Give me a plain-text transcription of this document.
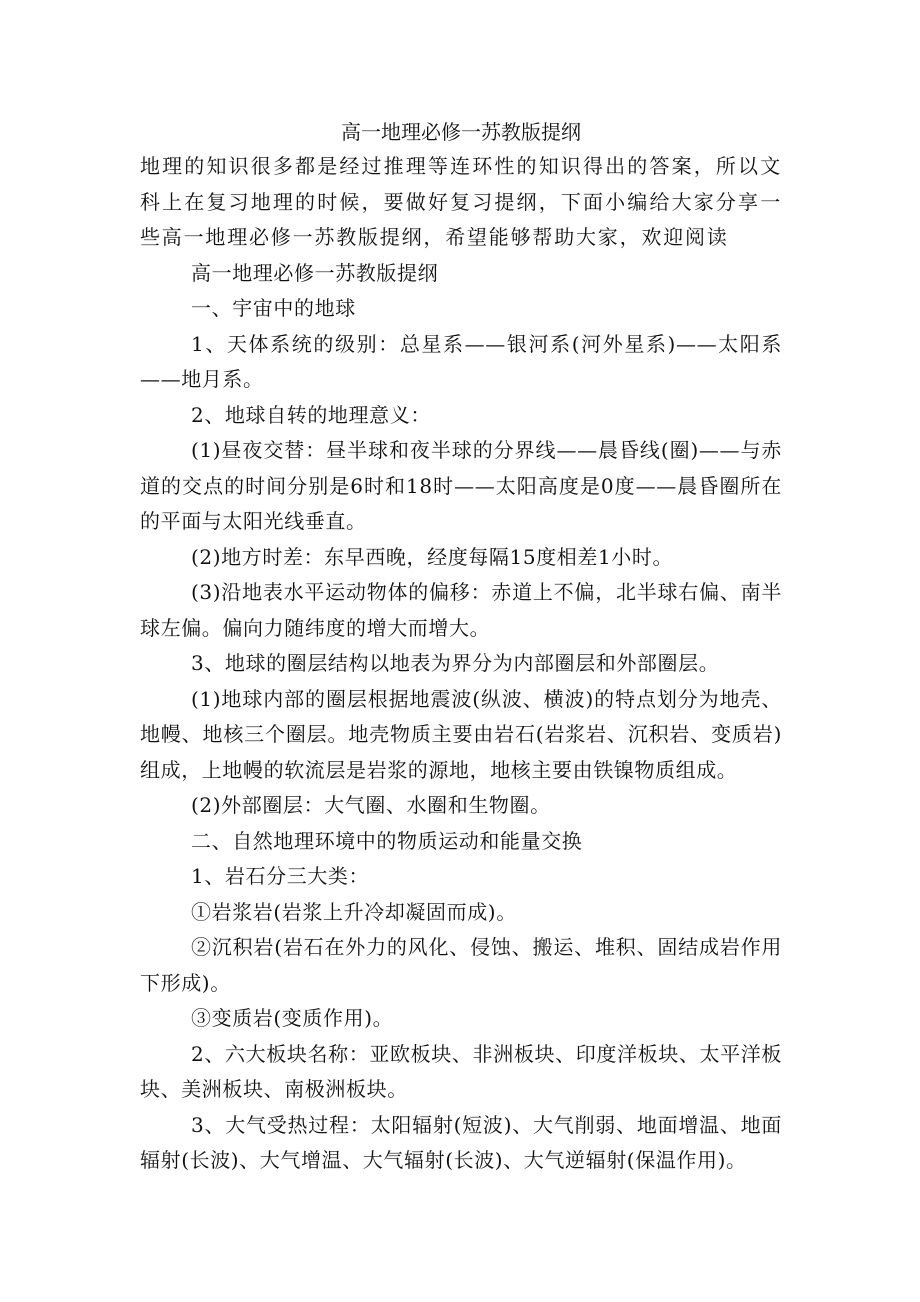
高一地理必修一苏教版提纲

地理的知识很多都是经过推理等连环性的知识得出的答案，所以文科上在复习地理的时候，要做好复习提纲，下面小编给大家分享一些高一地理必修一苏教版提纲，希望能够帮助大家，欢迎阅读

高一地理必修一苏教版提纲

一、宇宙中的地球

1、天体系统的级别：总星系——银河系(河外星系)——太阳系——地月系。

2、地球自转的地理意义：

(1)昼夜交替：昼半球和夜半球的分界线——晨昏线(圈)——与赤道的交点的时间分别是6时和18时——太阳高度是0度——晨昏圈所在的平面与太阳光线垂直。

(2)地方时差：东早西晚，经度每隔15度相差1小时。

(3)沿地表水平运动物体的偏移：赤道上不偏，北半球右偏、南半球左偏。偏向力随纬度的增大而增大。

3、地球的圈层结构以地表为界分为内部圈层和外部圈层。

(1)地球内部的圈层根据地震波(纵波、横波)的特点划分为地壳、地幔、地核三个圈层。地壳物质主要由岩石(岩浆岩、沉积岩、变质岩)组成，上地幔的软流层是岩浆的源地，地核主要由铁镍物质组成。

(2)外部圈层：大气圈、水圈和生物圈。

二、自然地理环境中的物质运动和能量交换

1、岩石分三大类：

①岩浆岩(岩浆上升冷却凝固而成)。

②沉积岩(岩石在外力的风化、侵蚀、搬运、堆积、固结成岩作用下形成)。

③变质岩(变质作用)。

2、六大板块名称：亚欧板块、非洲板块、印度洋板块、太平洋板块、美洲板块、南极洲板块。

3、大气受热过程：太阳辐射(短波)、大气削弱、地面增温、地面辐射(长波)、大气增温、大气辐射(长波)、大气逆辐射(保温作用)。
